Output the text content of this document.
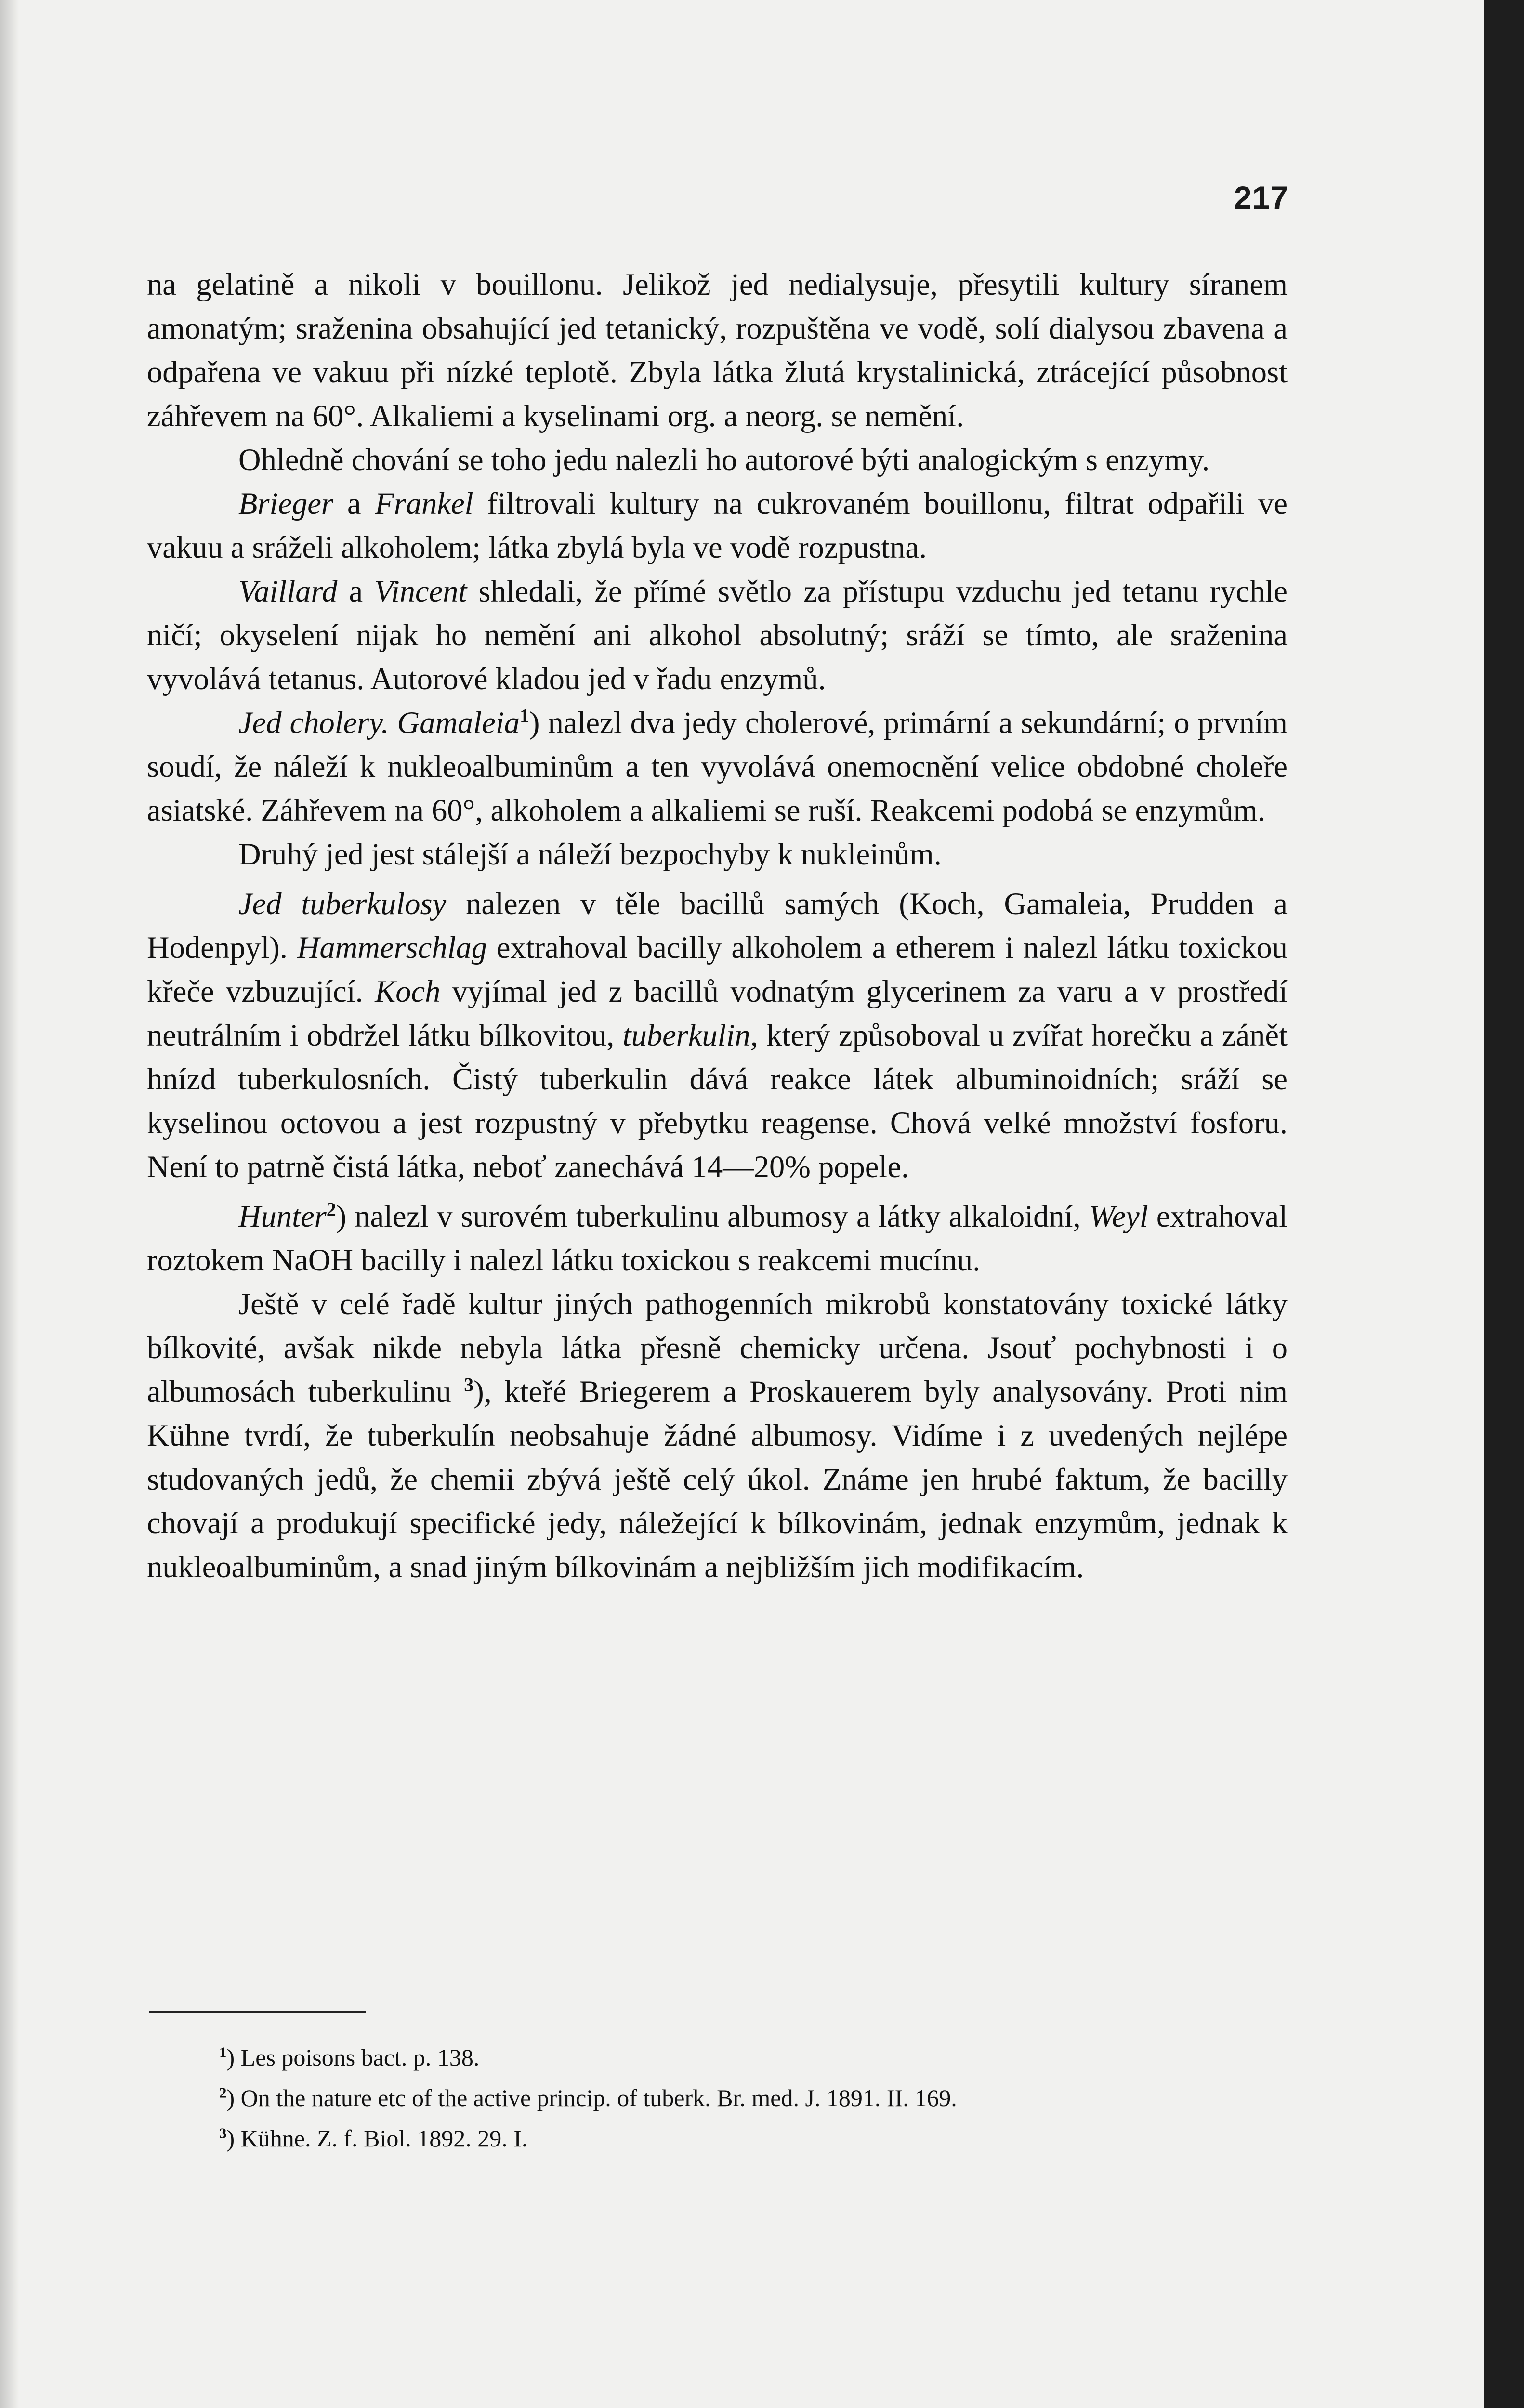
217

na gelatině a nikoli v bouillonu. Jelikož jed nedialysuje, přesytili kultury síranem amonatým; sraženina obsahující jed tetanický, rozpuštěna ve vodě, solí dialysou zbavena a odpařena ve vakuu při nízké teplotě. Zbyla látka žlutá krystalinická, ztrácející působnost záhřevem na 60°. Alkaliemi a kyselinami org. a neorg. se nemění.

Ohledně chování se toho jedu nalezli ho autorové býti analogickým s enzymy.

Brieger a Frankel filtrovali kultury na cukrovaném bouillonu, filtrat odpařili ve vakuu a sráželi alkoholem; látka zbylá byla ve vodě rozpustna.

Vaillard a Vincent shledali, že přímé světlo za přístupu vzduchu jed tetanu rychle ničí; okyselení nijak ho nemění ani alkohol absolutný; sráží se tímto, ale sraženina vyvolává tetanus. Autorové kladou jed v řadu enzymů.

Jed cholery. Gamaleia$^1$) nalezl dva jedy cholerové, primární a sekundární; o prvním soudí, že náleží k nukleoalbuminům a ten vyvolává onemocnění velice obdobné choleře asiatské. Záhřevem na 60°, alkoholem a alkaliemi se ruší. Reakcemi podobá se enzymům.

Druhý jed jest stálejší a náleží bezpochyby k nukleinům.

Jed tuberkulosy nalezen v těle bacillů samých (Koch, Gamaleia, Prudden a Hodenpyl). Hammerschlag extrahoval bacilly alkoholem a etherem i nalezl látku toxickou křeče vzbuzující. Koch vyjímal jed z bacillů vodnatým glycerinem za varu a v prostředí neutrálním i obdržel látku bílkovitou, tuberkulin, který způsoboval u zvířat horečku a zánět hnízd tuberkulosních. Čistý tuberkulin dává reakce látek albuminoidních; sráží se kyselinou octovou a jest rozpustný v přebytku reagense. Chová velké množství fosforu. Není to patrně čistá látka, neboť zanechává 14—20% popele.

Hunter$^2$) nalezl v surovém tuberkulinu albumosy a látky alkaloidní, Weyl extrahoval roztokem NaOH bacilly i nalezl látku toxickou s reakcemi mucínu.

Ještě v celé řadě kultur jiných pathogenních mikrobů konstatovány toxické látky bílkovité, avšak nikde nebyla látka přesně chemicky určena. Jsouť pochybnosti i o albumosách tuberkulinu $^3$), kteřé Briegerem a Proskauerem byly analysovány. Proti nim Kühne tvrdí, že tuberkulín neobsahuje žádné albumosy. Vidíme i z uvedených nejlépe studovaných jedů, že chemii zbývá ještě celý úkol. Známe jen hrubé faktum, že bacilly chovají a produkují specifické jedy, náležející k bílkovinám, jednak enzymům, jednak k nukleoalbuminům, a snad jiným bílkovinám a nejbližším jich modifikacím.

$^1$) Les poisons bact. p. 138.
$^2$) On the nature etc of the active princip. of tuberk. Br. med. J. 1891. II. 169.
$^3$) Kühne. Z. f. Biol. 1892. 29. I.
